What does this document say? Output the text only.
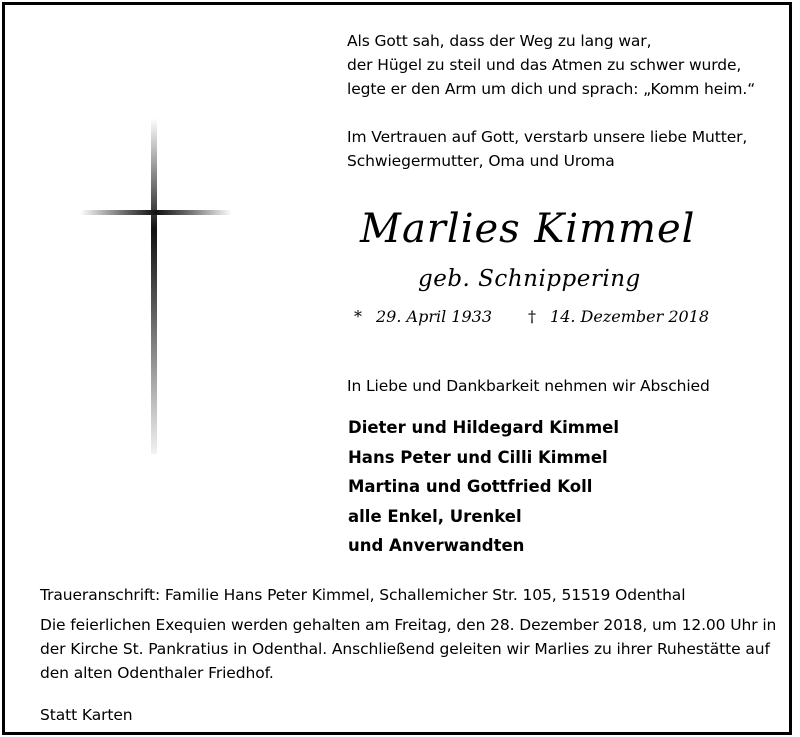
Als Gott sah, dass der Weg zu lang war,
der Hügel zu steil und das Atmen zu schwer wurde,
legte er den Arm um dich und sprach: „Komm heim.“
Im Vertrauen auf Gott, verstarb unsere liebe Mutter,
Schwiegermutter, Oma und Uroma
Marlies Kimmel
geb. Schnippering
* 29. April 1933 † 14. Dezember 2018
In Liebe und Dankbarkeit nehmen wir Abschied
Dieter und Hildegard Kimmel
Hans Peter und Cilli Kimmel
Martina und Gottfried Koll
alle Enkel, Urenkel
und Anverwandten
Traueranschrift: Familie Hans Peter Kimmel, Schallemicher Str. 105, 51519 Odenthal
Die feierlichen Exequien werden gehalten am Freitag, den 28. Dezember 2018, um 12.00 Uhr in
der Kirche St. Pankratius in Odenthal. Anschließend geleiten wir Marlies zu ihrer Ruhestätte auf
den alten Odenthaler Friedhof.
Statt Karten
